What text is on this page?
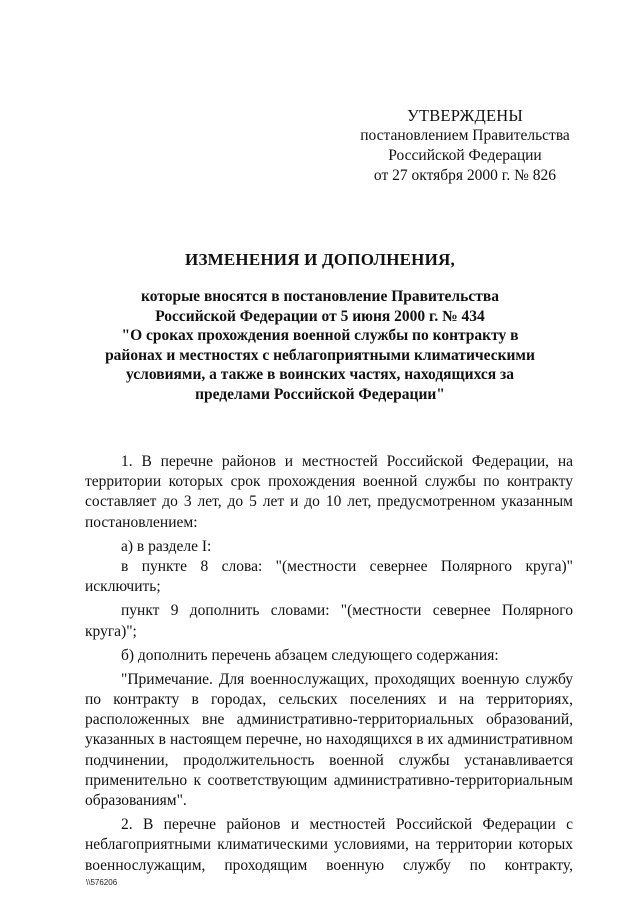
УТВЕРЖДЕНЫ
постановлением Правительства
Российской Федерации
от 27 октября 2000 г. № 826
ИЗМЕНЕНИЯ И ДОПОЛНЕНИЯ,
которые вносятся в постановление Правительства
Российской Федерации от 5 июня 2000 г. № 434
"О сроках прохождения военной службы по контракту в
районах и местностях с неблагоприятными климатическими
условиями, а также в воинских частях, находящихся за
пределами Российской Федерации"
1. В перечне районов и местностей Российской Федерации, на
территории которых срок прохождения военной службы по контракту
составляет до 3 лет, до 5 лет и до 10 лет, предусмотренном указанным
постановлением:
а) в разделе I:
в пункте 8 слова: "(местности севернее Полярного круга)"
исключить;
пункт 9 дополнить словами: "(местности севернее Полярного
круга)";
б) дополнить перечень абзацем следующего содержания:
"Примечание. Для военнослужащих, проходящих военную службу
по контракту в городах, сельских поселениях и на территориях,
расположенных вне административно-территориальных образований,
указанных в настоящем перечне, но находящихся в их административном
подчинении, продолжительность военной службы устанавливается
применительно к соответствующим административно-территориальным
образованиям".
2. В перечне районов и местностей Российской Федерации с
неблагоприятными климатическими условиями, на территории которых
военнослужащим, проходящим военную службу по контракту,
\\576206
